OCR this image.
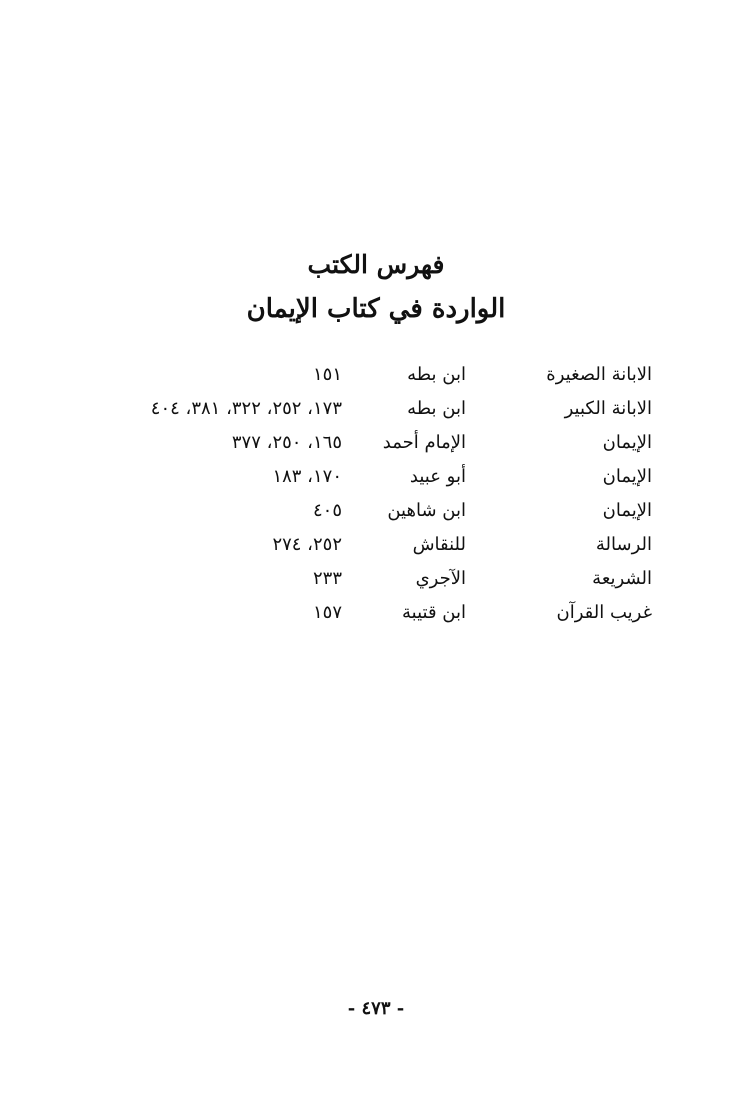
فهرس الكتب
الواردة في كتاب الإيمان
الابانة الصغيرة
ابن بطه
١٥١
الابانة الكبير
ابن بطه
١٧٣، ٢٥٢، ٣٢٢، ٣٨١، ٤٠٤
الإيمان
الإمام أحمد
١٦٥، ٢٥٠، ٣٧٧
الإيمان
أبو عبيد
١٧٠، ١٨٣
الإيمان
ابن شاهين
٤٠٥
الرسالة
للنقاش
٢٥٢، ٢٧٤
الشريعة
الآجري
٢٣٣
غريب القرآن
ابن قتيبة
١٥٧
- ٤٧٣ -
